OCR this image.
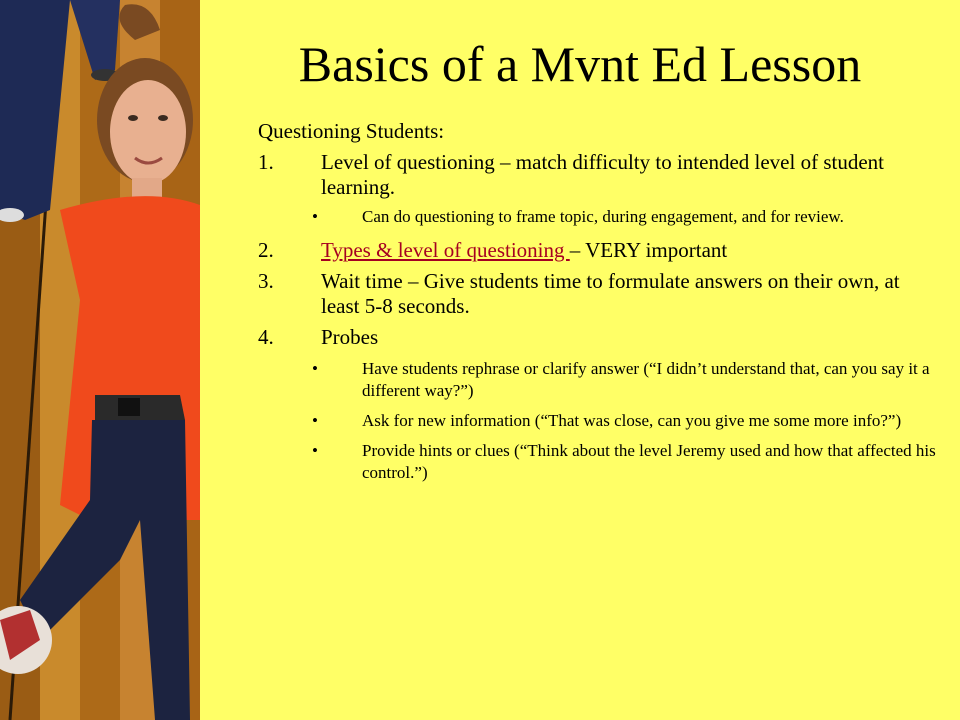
Basics of a Mvnt Ed Lesson
Questioning Students:
1. Level of questioning – match difficulty to intended level of student learning.
•	Can do questioning to frame topic, during engagement, and for review.
2. Types & level of questioning – VERY important
3. Wait time – Give students time to formulate answers on their own, at least 5-8 seconds.
4. Probes
•	Have students rephrase or clarify answer (“I didn’t understand that, can you say it a different way?”)
•	Ask for new information (“That was close, can you give me some more info?”)
•	Provide hints or clues (“Think about the level Jeremy used and how that affected his control.”)
